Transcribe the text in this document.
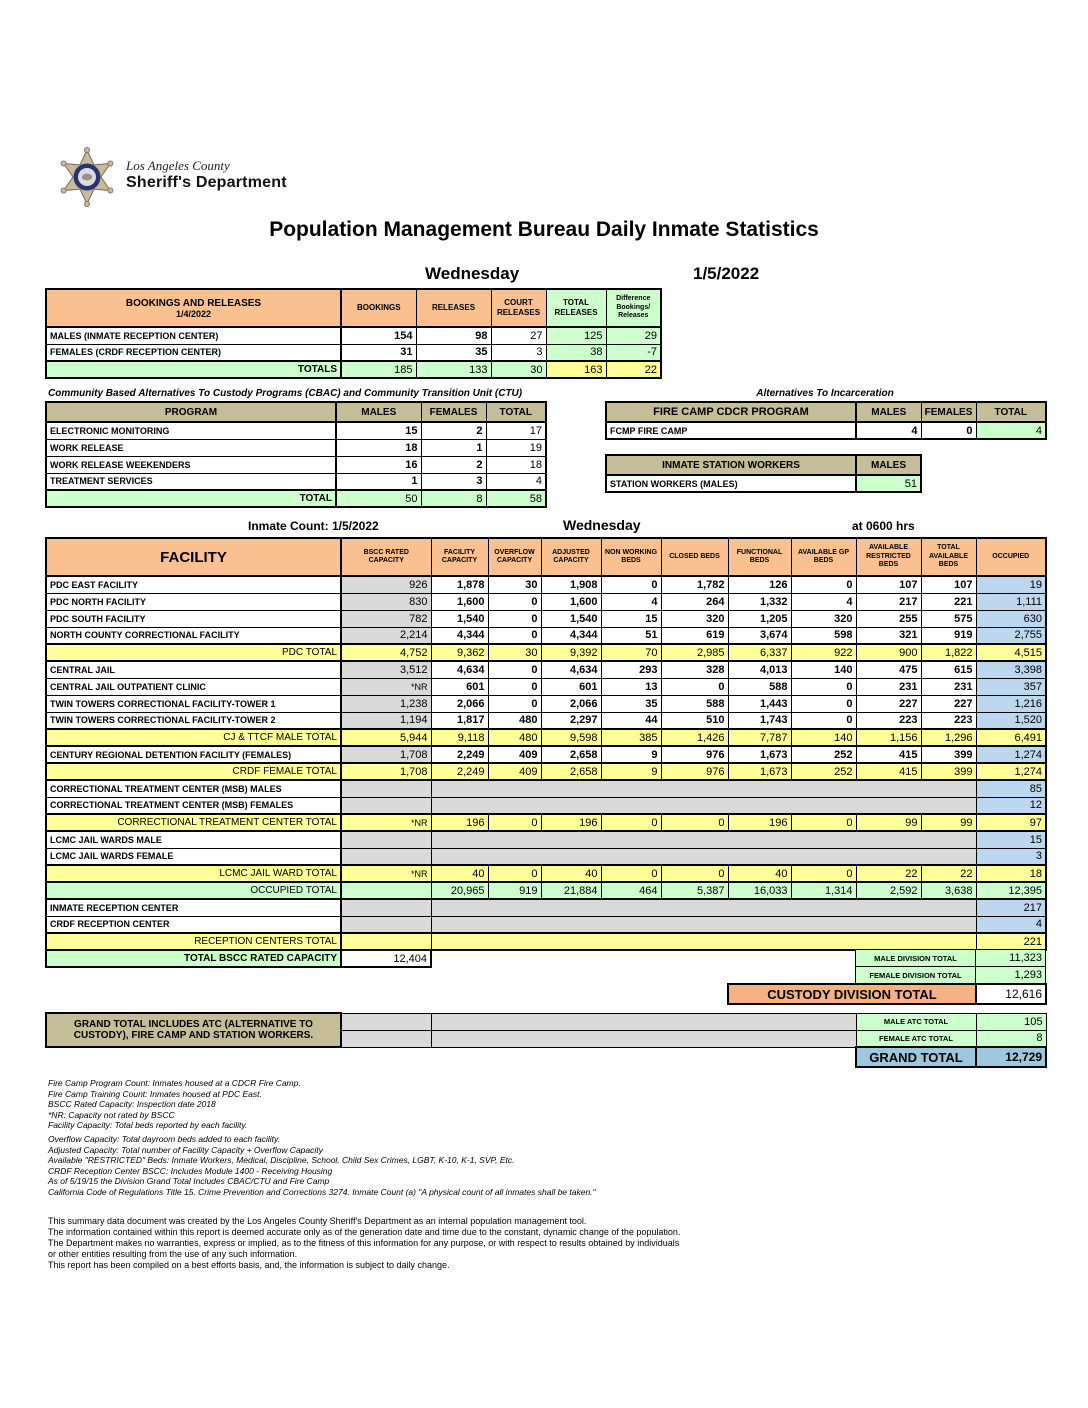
Los Angeles County
Sheriff's Department
Population Management Bureau Daily Inmate Statistics
Wednesday	1/5/2022
BOOKINGS AND RELEASES
1/4/2022	BOOKINGS	RELEASES	COURT RELEASES	TOTAL RELEASES	Difference Bookings/ Releases
MALES (INMATE RECEPTION CENTER)	154	98	27	125	29
FEMALES (CRDF RECEPTION CENTER)	31	35	3	38	-7
TOTALS	185	133	30	163	22
Community Based Alternatives To Custody Programs (CBAC) and Community Transition Unit (CTU)
PROGRAM	MALES	FEMALES	TOTAL
ELECTRONIC MONITORING	15	2	17
WORK RELEASE	18	1	19
WORK RELEASE WEEKENDERS	16	2	18
TREATMENT SERVICES	1	3	4
TOTAL	50	8	58
Alternatives To Incarceration
FIRE CAMP CDCR PROGRAM	MALES	FEMALES	TOTAL
FCMP FIRE CAMP	4	0	4
INMATE STATION WORKERS	MALES
STATION WORKERS (MALES)	51
Inmate Count: 1/5/2022	Wednesday	at 0600 hrs
FACILITY	BSCC RATED CAPACITY	FACILITY CAPACITY	OVERFLOW CAPACITY	ADJUSTED CAPACITY	NON WORKING BEDS	CLOSED BEDS	FUNCTIONAL BEDS	AVAILABLE GP BEDS	AVAILABLE RESTRICTED BEDS	TOTAL AVAILABLE BEDS	OCCUPIED
PDC EAST FACILITY	926	1,878	30	1,908	0	1,782	126	0	107	107	19
PDC NORTH FACILITY	830	1,600	0	1,600	4	264	1,332	4	217	221	1,111
PDC SOUTH FACILITY	782	1,540	0	1,540	15	320	1,205	320	255	575	630
NORTH COUNTY CORRECTIONAL FACILITY	2,214	4,344	0	4,344	51	619	3,674	598	321	919	2,755
PDC TOTAL	4,752	9,362	30	9,392	70	2,985	6,337	922	900	1,822	4,515
CENTRAL JAIL	3,512	4,634	0	4,634	293	328	4,013	140	475	615	3,398
CENTRAL JAIL OUTPATIENT CLINIC	*NR	601	0	601	13	0	588	0	231	231	357
TWIN TOWERS CORRECTIONAL FACILITY-TOWER 1	1,238	2,066	0	2,066	35	588	1,443	0	227	227	1,216
TWIN TOWERS CORRECTIONAL FACILITY-TOWER 2	1,194	1,817	480	2,297	44	510	1,743	0	223	223	1,520
CJ & TTCF MALE TOTAL	5,944	9,118	480	9,598	385	1,426	7,787	140	1,156	1,296	6,491
CENTURY REGIONAL DETENTION FACILITY (FEMALES)	1,708	2,249	409	2,658	9	976	1,673	252	415	399	1,274
CRDF FEMALE TOTAL	1,708	2,249	409	2,658	9	976	1,673	252	415	399	1,274
CORRECTIONAL TREATMENT CENTER (MSB) MALES											85
CORRECTIONAL TREATMENT CENTER (MSB) FEMALES											12
CORRECTIONAL TREATMENT CENTER TOTAL	*NR	196	0	196	0	0	196	0	99	99	97
LCMC JAIL WARDS MALE											15
LCMC JAIL WARDS FEMALE											3
LCMC JAIL WARD TOTAL	*NR	40	0	40	0	0	40	0	22	22	18
OCCUPIED TOTAL		20,965	919	21,884	464	5,387	16,033	1,314	2,592	3,638	12,395
INMATE RECEPTION CENTER											217
CRDF RECEPTION CENTER											4
RECEPTION CENTERS TOTAL											221
TOTAL BSCC RATED CAPACITY	12,404	MALE DIVISION TOTAL	11,323
FEMALE DIVISION TOTAL	1,293
CUSTODY DIVISION TOTAL	12,616
GRAND TOTAL INCLUDES ATC (ALTERNATIVE TO
CUSTODY), FIRE CAMP AND STATION WORKERS.			MALE ATC TOTAL	105
			FEMALE ATC TOTAL	8
			GRAND TOTAL	12,729
Fire Camp Program Count: Inmates housed at a CDCR Fire Camp.
Fire Camp Training Count: Inmates housed at PDC East.
BSCC Rated Capacity: Inspection date 2018
*NR: Capacity not rated by BSCC
Facility Capacity: Total beds reported by each facility.
Overflow Capacity: Total dayroom beds added to each facility.
Adjusted Capacity: Total number of Facility Capacity + Overflow Capacity
Available "RESTRICTED" Beds: Inmate Workers, Medical, Discipline, School, Child Sex Crimes, LGBT, K-10, K-1, SVP, Etc.
CRDF Reception Center BSCC: Includes Module 1400 - Receiving Housing
As of 5/19/15 the Division Grand Total Includes CBAC/CTU and Fire Camp
California Code of Regulations Title 15. Crime Prevention and Corrections 3274. Inmate Count (a) "A physical count of all inmates shall be taken."
This summary data document was created by the Los Angeles County Sheriff's Department as an internal population management tool.
The information contained within this report is deemed accurate only as of the generation date and time due to the constant, dynamic change of the population.
The Department makes no warranties, express or implied, as to the fitness of this information for any purpose, or with respect to results obtained by individuals
or other entities resulting from the use of any such information.
This report has been compiled on a best efforts basis, and, the information is subject to daily change.
